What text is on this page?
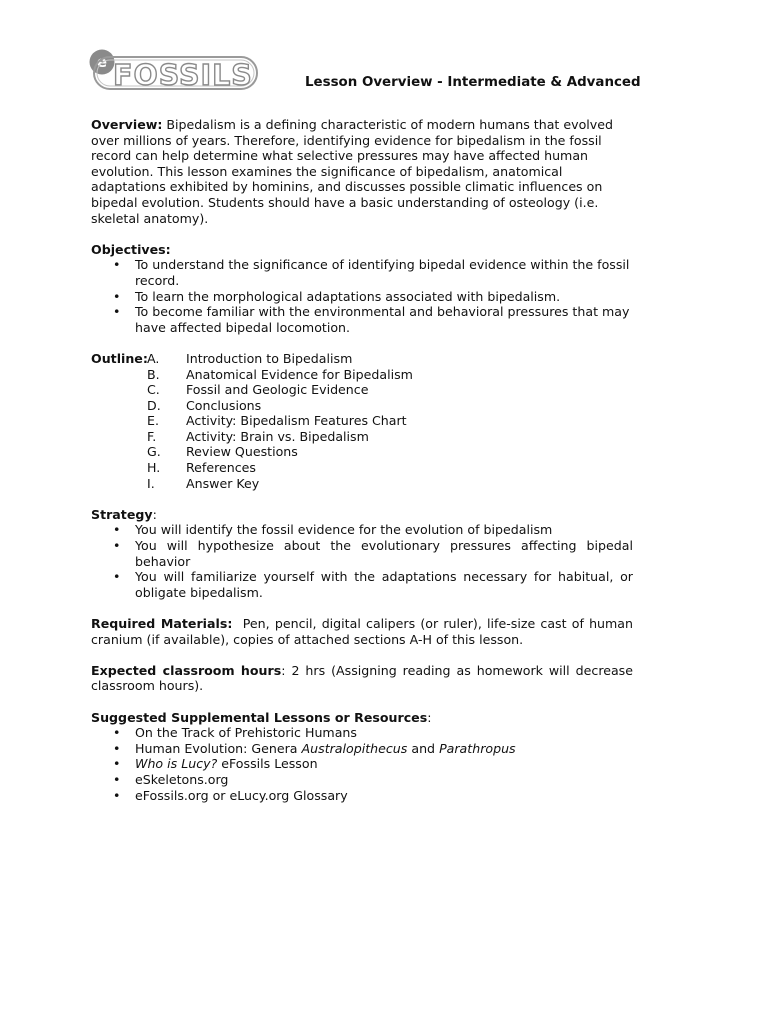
e FOSSILS	Lesson Overview - Intermediate & Advanced

Overview: Bipedalism is a defining characteristic of modern humans that evolved over millions of years. Therefore, identifying evidence for bipedalism in the fossil record can help determine what selective pressures may have affected human evolution. This lesson examines the significance of bipedalism, anatomical adaptations exhibited by hominins, and discusses possible climatic influences on bipedal evolution. Students should have a basic understanding of osteology (i.e. skeletal anatomy).

Objectives:
• To understand the significance of identifying bipedal evidence within the fossil record.
• To learn the morphological adaptations associated with bipedalism.
• To become familiar with the environmental and behavioral pressures that may have affected bipedal locomotion.
Outline: A.	Introduction to Bipedalism
B.	Anatomical Evidence for Bipedalism
C.	Fossil and Geologic Evidence
D.	Conclusions
E.	Activity: Bipedalism Features Chart
F.	Activity: Brain vs. Bipedalism
G.	Review Questions
H.	References
I.	Answer Key
Strategy:
• You will identify the fossil evidence for the evolution of bipedalism
• You will hypothesize about the evolutionary pressures affecting bipedal behavior
• You will familiarize yourself with the adaptations necessary for habitual, or obligate bipedalism.

Required Materials: Pen, pencil, digital calipers (or ruler), life-size cast of human cranium (if available), copies of attached sections A-H of this lesson.

Expected classroom hours: 2 hrs (Assigning reading as homework will decrease classroom hours).

Suggested Supplemental Lessons or Resources:
• On the Track of Prehistoric Humans
• Human Evolution: Genera Australopithecus and Parathropus
• Who is Lucy? eFossils Lesson
• eSkeletons.org
• eFossils.org or eLucy.org Glossary
